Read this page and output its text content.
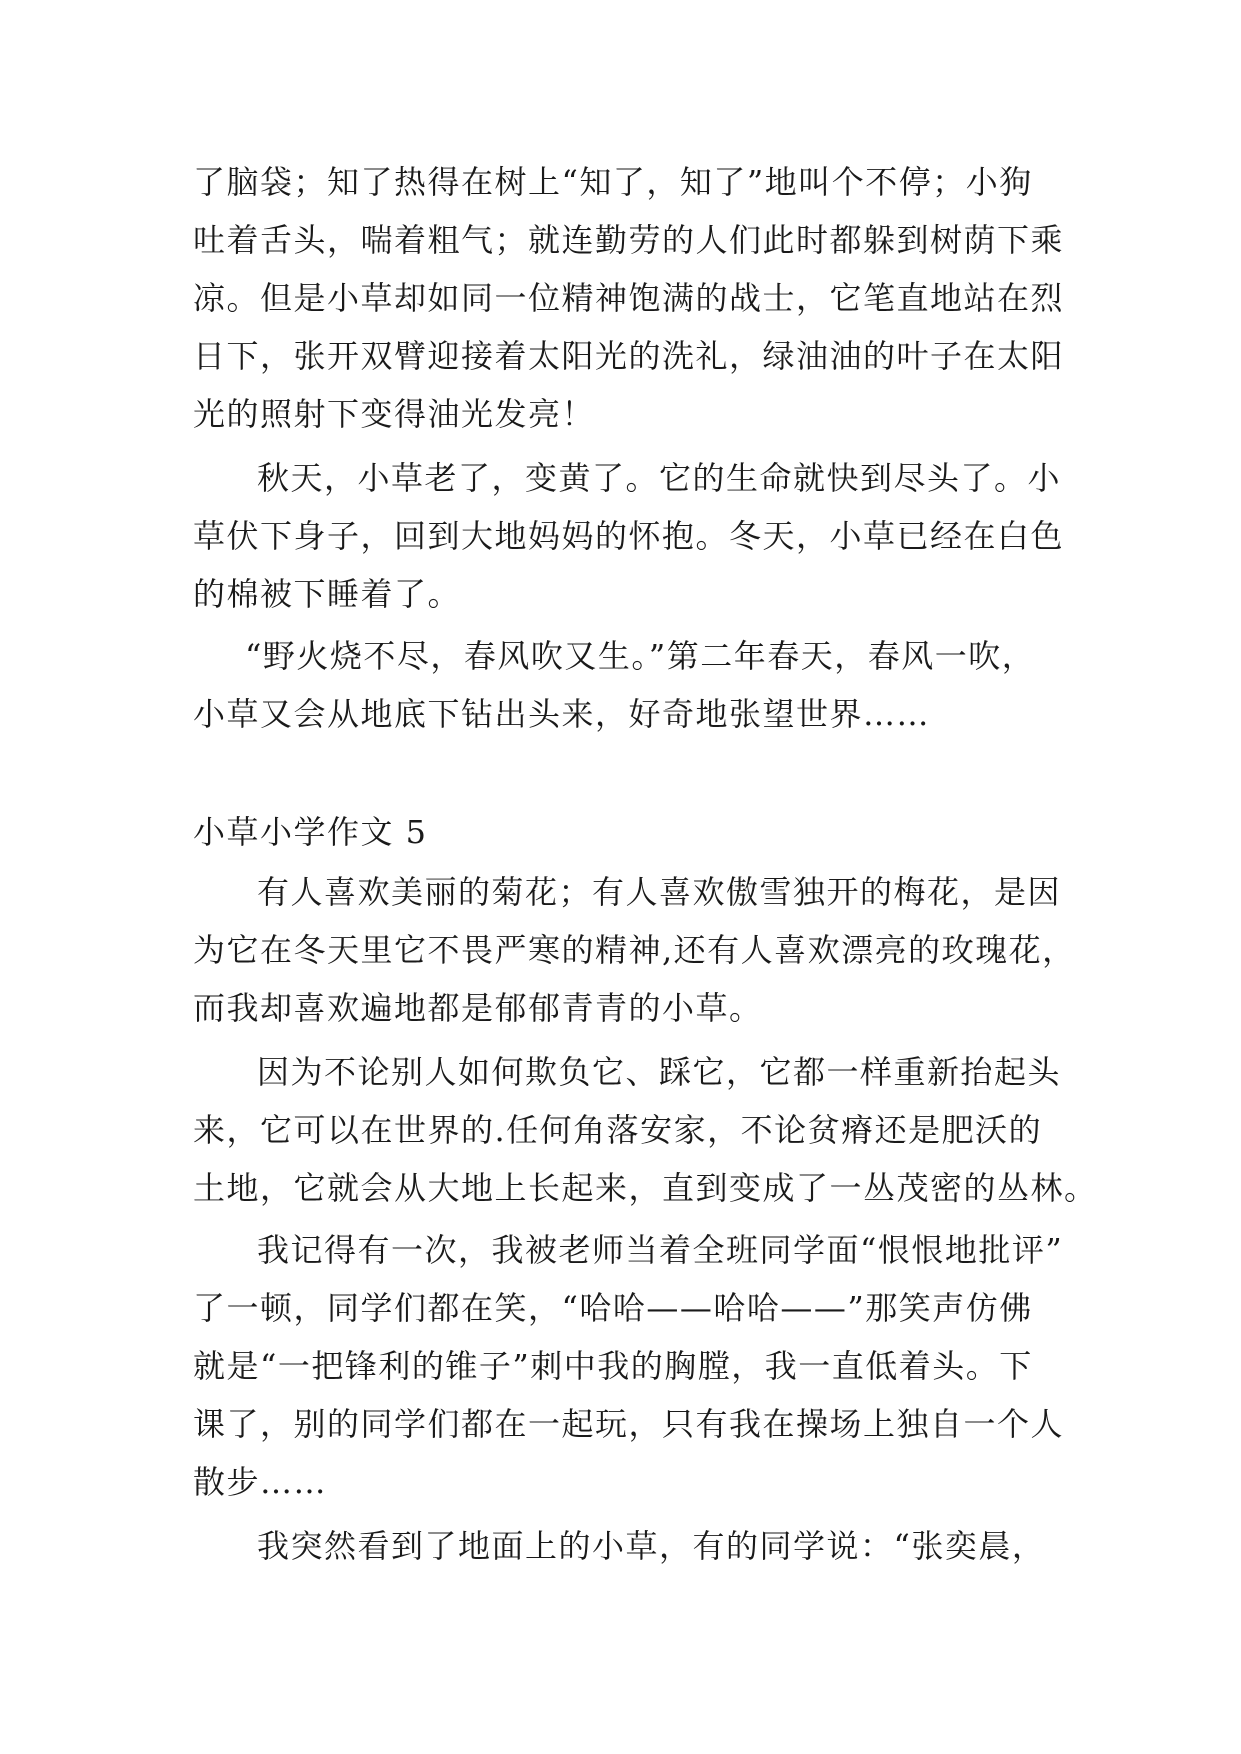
了脑袋；知了热得在树上“知了，知了”地叫个不停；小狗
吐着舌头，喘着粗气；就连勤劳的人们此时都躲到树荫下乘
凉。但是小草却如同一位精神饱满的战士，它笔直地站在烈
日下，张开双臂迎接着太阳光的洗礼，绿油油的叶子在太阳
光的照射下变得油光发亮！
秋天，小草老了，变黄了。它的生命就快到尽头了。小
草伏下身子，回到大地妈妈的怀抱。冬天，小草已经在白色
的棉被下睡着了。
“野火烧不尽，春风吹又生。”第二年春天，春风一吹，
小草又会从地底下钻出头来，好奇地张望世界……
小草小学作文 5
有人喜欢美丽的菊花；有人喜欢傲雪独开的梅花，是因
为它在冬天里它不畏严寒的精神,还有人喜欢漂亮的玫瑰花，
而我却喜欢遍地都是郁郁青青的小草。
因为不论别人如何欺负它、踩它，它都一样重新抬起头
来，它可以在世界的.任何角落安家，不论贫瘠还是肥沃的
土地，它就会从大地上长起来，直到变成了一丛茂密的丛林。
我记得有一次，我被老师当着全班同学面“恨恨地批评”
了一顿，同学们都在笑，“哈哈——哈哈——”那笑声仿佛
就是“一把锋利的锥子”刺中我的胸膛，我一直低着头。下
课了，别的同学们都在一起玩，只有我在操场上独自一个人
散步……
我突然看到了地面上的小草，有的同学说：“张奕晨，
